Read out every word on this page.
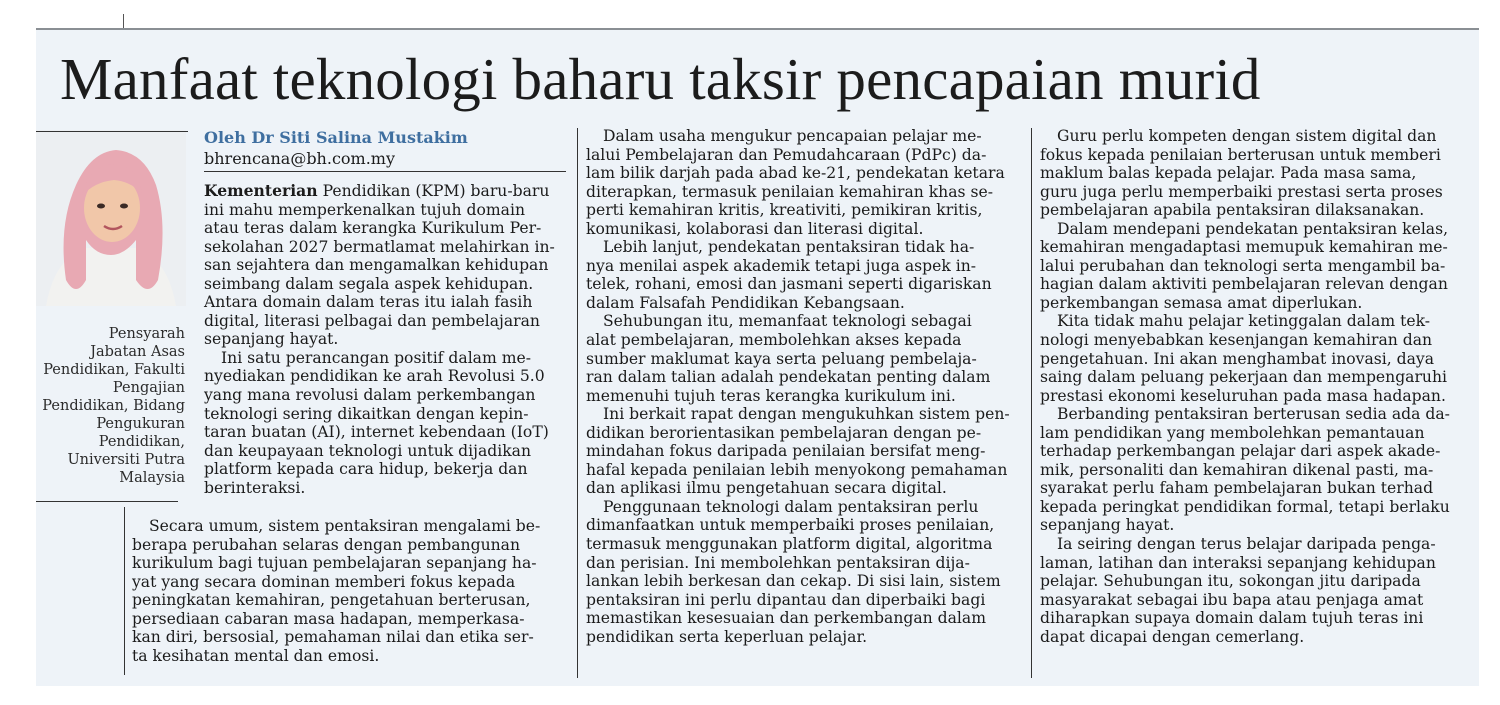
Manfaat teknologi baharu taksir pencapaian murid
Pensyarah
Jabatan Asas
Pendidikan, Fakulti
Pengajian
Pendidikan, Bidang
Pengukuran
Pendidikan,
Universiti Putra
Malaysia
Oleh Dr Siti Salina Mustakim
bhrencana@bh.com.my

Kementerian Pendidikan (KPM) baru-baru
ini mahu memperkenalkan tujuh domain
atau teras dalam kerangka Kurikulum Per-
sekolahan 2027 bermatlamat melahirkan in-
san sejahtera dan mengamalkan kehidupan
seimbang dalam segala aspek kehidupan.
Antara domain dalam teras itu ialah fasih
digital, literasi pelbagai dan pembelajaran
sepanjang hayat.

Ini satu perancangan positif dalam me-
nyediakan pendidikan ke arah Revolusi 5.0
yang mana revolusi dalam perkembangan
teknologi sering dikaitkan dengan kepin-
taran buatan (AI), internet kebendaan (IoT)
dan keupayaan teknologi untuk dijadikan
platform kepada cara hidup, bekerja dan
berinteraksi.

Secara umum, sistem pentaksiran mengalami be-
berapa perubahan selaras dengan pembangunan
kurikulum bagi tujuan pembelajaran sepanjang ha-
yat yang secara dominan memberi fokus kepada
peningkatan kemahiran, pengetahuan berterusan,
persediaan cabaran masa hadapan, memperkasa-
kan diri, bersosial, pemahaman nilai dan etika ser-
ta kesihatan mental dan emosi.

Dalam usaha mengukur pencapaian pelajar me-
lalui Pembelajaran dan Pemudahcaraan (PdPc) da-
lam bilik darjah pada abad ke-21, pendekatan ketara
diterapkan, termasuk penilaian kemahiran khas se-
perti kemahiran kritis, kreativiti, pemikiran kritis,
komunikasi, kolaborasi dan literasi digital.

Lebih lanjut, pendekatan pentaksiran tidak ha-
nya menilai aspek akademik tetapi juga aspek in-
telek, rohani, emosi dan jasmani seperti digariskan
dalam Falsafah Pendidikan Kebangsaan.

Sehubungan itu, memanfaat teknologi sebagai
alat pembelajaran, membolehkan akses kepada
sumber maklumat kaya serta peluang pembelaja-
ran dalam talian adalah pendekatan penting dalam
memenuhi tujuh teras kerangka kurikulum ini.

Ini berkait rapat dengan mengukuhkan sistem pen-
didikan berorientasikan pembelajaran dengan pe-
mindahan fokus daripada penilaian bersifat meng-
hafal kepada penilaian lebih menyokong pemahaman
dan aplikasi ilmu pengetahuan secara digital.

Penggunaan teknologi dalam pentaksiran perlu
dimanfaatkan untuk memperbaiki proses penilaian,
termasuk menggunakan platform digital, algoritma
dan perisian. Ini membolehkan pentaksiran dija-
lankan lebih berkesan dan cekap. Di sisi lain, sistem
pentaksiran ini perlu dipantau dan diperbaiki bagi
memastikan kesesuaian dan perkembangan dalam
pendidikan serta keperluan pelajar.

Guru perlu kompeten dengan sistem digital dan
fokus kepada penilaian berterusan untuk memberi
maklum balas kepada pelajar. Pada masa sama,
guru juga perlu memperbaiki prestasi serta proses
pembelajaran apabila pentaksiran dilaksanakan.

Dalam mendepani pendekatan pentaksiran kelas,
kemahiran mengadaptasi memupuk kemahiran me-
lalui perubahan dan teknologi serta mengambil ba-
hagian dalam aktiviti pembelajaran relevan dengan
perkembangan semasa amat diperlukan.

Kita tidak mahu pelajar ketinggalan dalam tek-
nologi menyebabkan kesenjangan kemahiran dan
pengetahuan. Ini akan menghambat inovasi, daya
saing dalam peluang pekerjaan dan mempengaruhi
prestasi ekonomi keseluruhan pada masa hadapan.

Berbanding pentaksiran berterusan sedia ada da-
lam pendidikan yang membolehkan pemantauan
terhadap perkembangan pelajar dari aspek akade-
mik, personaliti dan kemahiran dikenal pasti, ma-
syarakat perlu faham pembelajaran bukan terhad
kepada peringkat pendidikan formal, tetapi berlaku
sepanjang hayat.

Ia seiring dengan terus belajar daripada penga-
laman, latihan dan interaksi sepanjang kehidupan
pelajar. Sehubungan itu, sokongan jitu daripada
masyarakat sebagai ibu bapa atau penjaga amat
diharapkan supaya domain dalam tujuh teras ini
dapat dicapai dengan cemerlang.
